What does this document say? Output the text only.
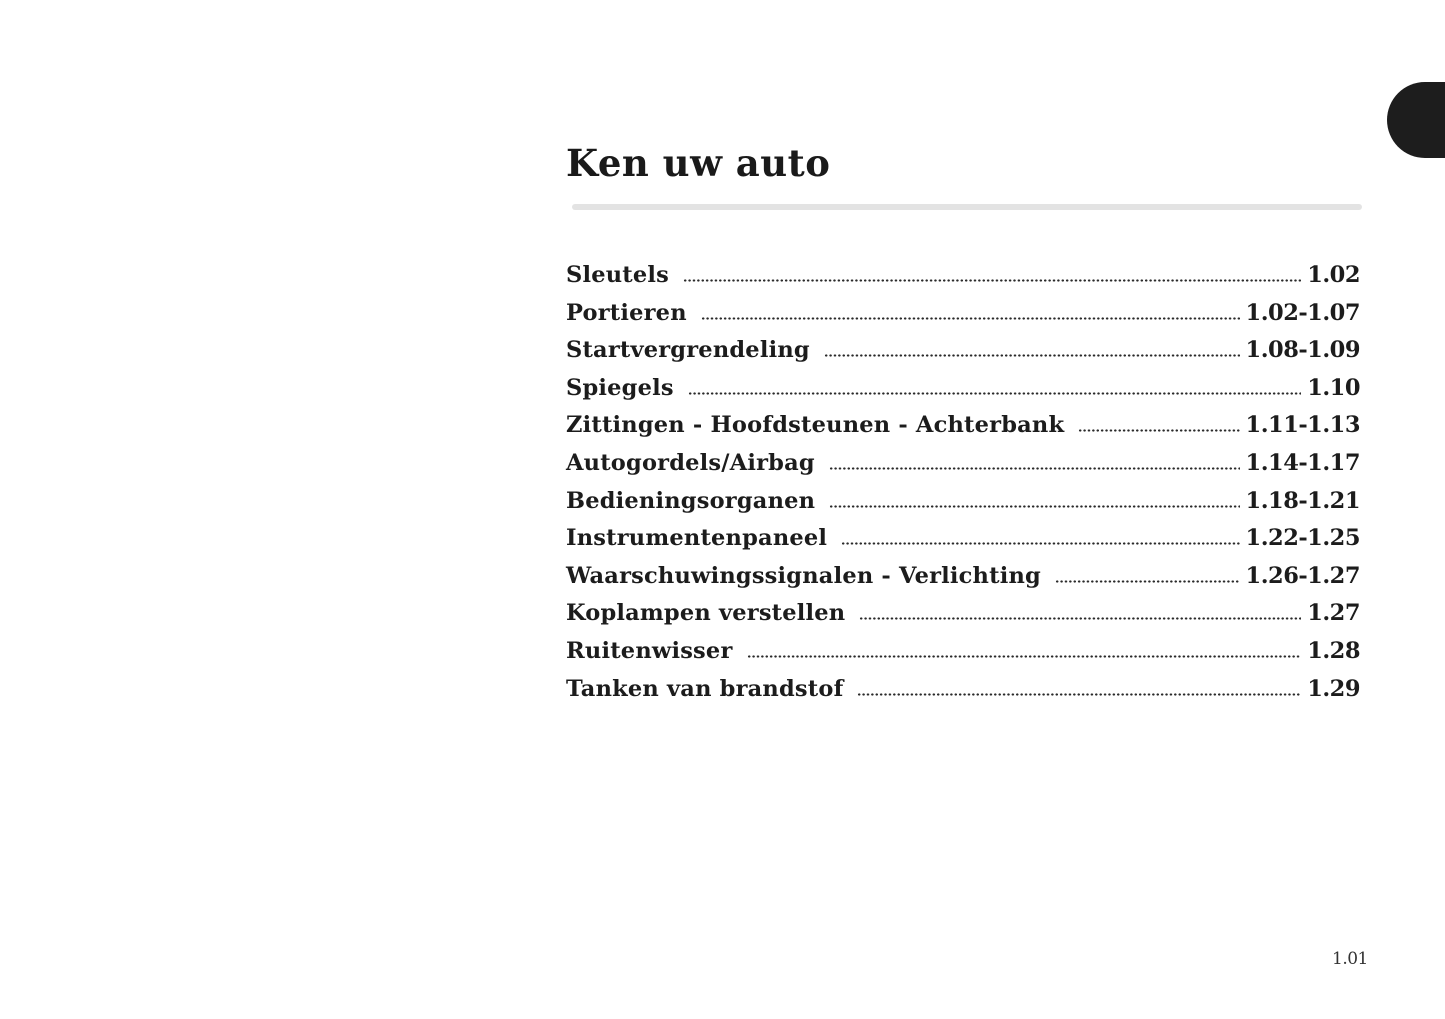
Ken uw auto
Sleutels	1.02
Portieren	1.02-1.07
Startvergrendeling	1.08-1.09
Spiegels	1.10
Zittingen - Hoofdsteunen - Achterbank	1.11-1.13
Autogordels/Airbag	1.14-1.17
Bedieningsorganen	1.18-1.21
Instrumentenpaneel	1.22-1.25
Waarschuwingssignalen - Verlichting	1.26-1.27
Koplampen verstellen	1.27
Ruitenwisser	1.28
Tanken van brandstof	1.29
1.01
